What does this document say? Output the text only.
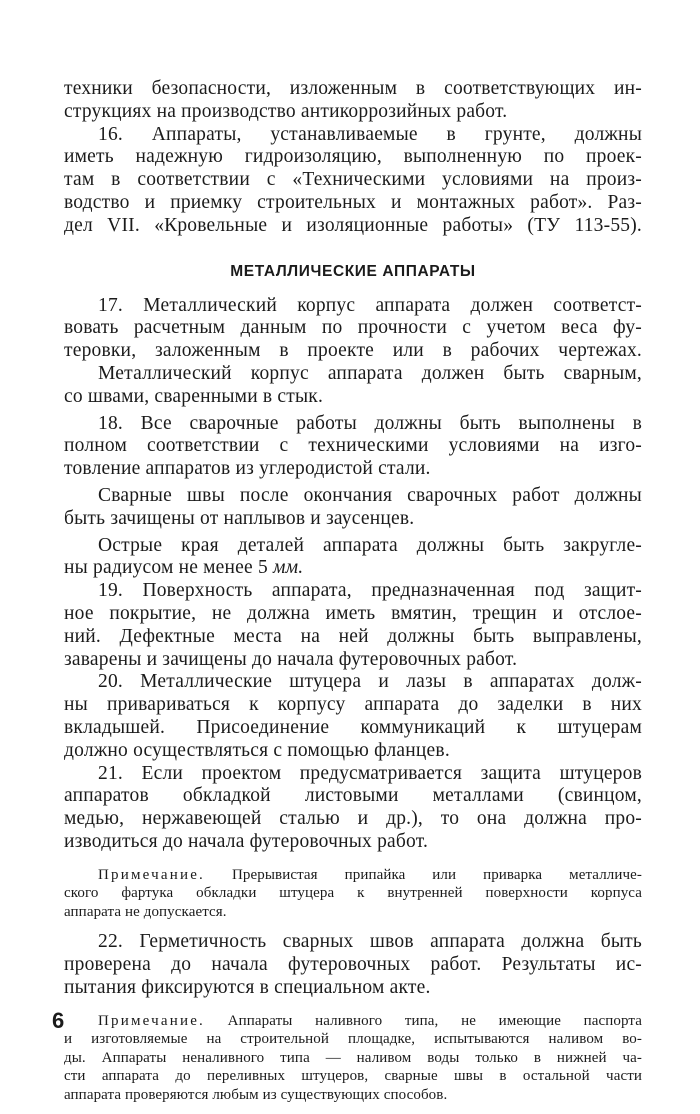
техники безопасности, изложенным в соответствующих ин-
струкциях на производство антикоррозийных работ.
16. Аппараты, устанавливаемые в грунте, должны
иметь надежную гидроизоляцию, выполненную по проек-
там в соответствии с «Техническими условиями на произ-
водство и приемку строительных и монтажных работ». Раз-
дел VII. «Кровельные и изоляционные работы» (ТУ 113-55).
МЕТАЛЛИЧЕСКИЕ АППАРАТЫ
17. Металлический корпус аппарата должен соответст-
вовать расчетным данным по прочности с учетом веса фу-
теровки, заложенным в проекте или в рабочих чертежах.
Металлический корпус аппарата должен быть сварным,
со швами, сваренными в стык.
18. Все сварочные работы должны быть выполнены в
полном соответствии с техническими условиями на изго-
товление аппаратов из углеродистой стали.
Сварные швы после окончания сварочных работ должны
быть зачищены от наплывов и заусенцев.
Острые края деталей аппарата должны быть закругле-
ны радиусом не менее 5 мм.
19. Поверхность аппарата, предназначенная под защит-
ное покрытие, не должна иметь вмятин, трещин и отслое-
ний. Дефектные места на ней должны быть выправлены,
заварены и зачищены до начала футеровочных работ.
20. Металлические штуцера и лазы в аппаратах долж-
ны привариваться к корпусу аппарата до заделки в них
вкладышей. Присоединение коммуникаций к штуцерам
должно осуществляться с помощью фланцев.
21. Если проектом предусматривается защита штуцеров
аппаратов обкладкой листовыми металлами (свинцом,
медью, нержавеющей сталью и др.), то она должна про-
изводиться до начала футеровочных работ.
Примечание. Прерывистая припайка или приварка металличе-
ского фартука обкладки штуцера к внутренней поверхности корпуса
аппарата не допускается.
22. Герметичность сварных швов аппарата должна быть
проверена до начала футеровочных работ. Результаты ис-
пытания фиксируются в специальном акте.
Примечание. Аппараты наливного типа, не имеющие паспорта
и изготовляемые на строительной площадке, испытываются наливом во-
ды. Аппараты неналивного типа — наливом воды только в нижней ча-
сти аппарата до переливных штуцеров, сварные швы в остальной части
аппарата проверяются любым из существующих способов.
6
